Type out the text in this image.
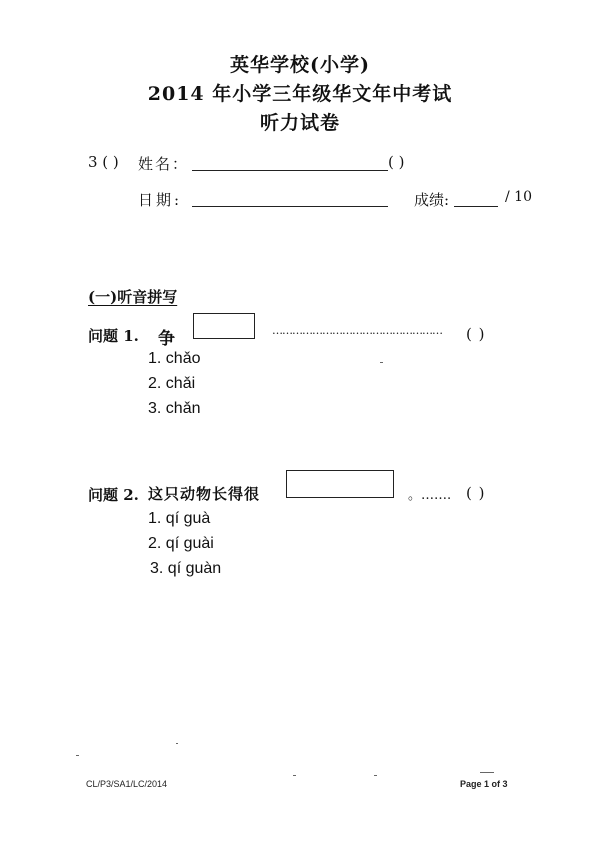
英华学校(小学)
2014 年小学三年级华文年中考试
听力试卷
3 ( ) 姓名：	( )
日期:	成绩:	/ 10
(一)听音拼写
问题 1. 争	……………………………………………	( )
1. chǎo
2. chǎi
3. chǎn
问题 2. 这只动物长得很	。……. ( )
1. qí guà
2. qí guài
3. qí guàn
CL/P3/SA1/LC/2014	Page 1 of 3
